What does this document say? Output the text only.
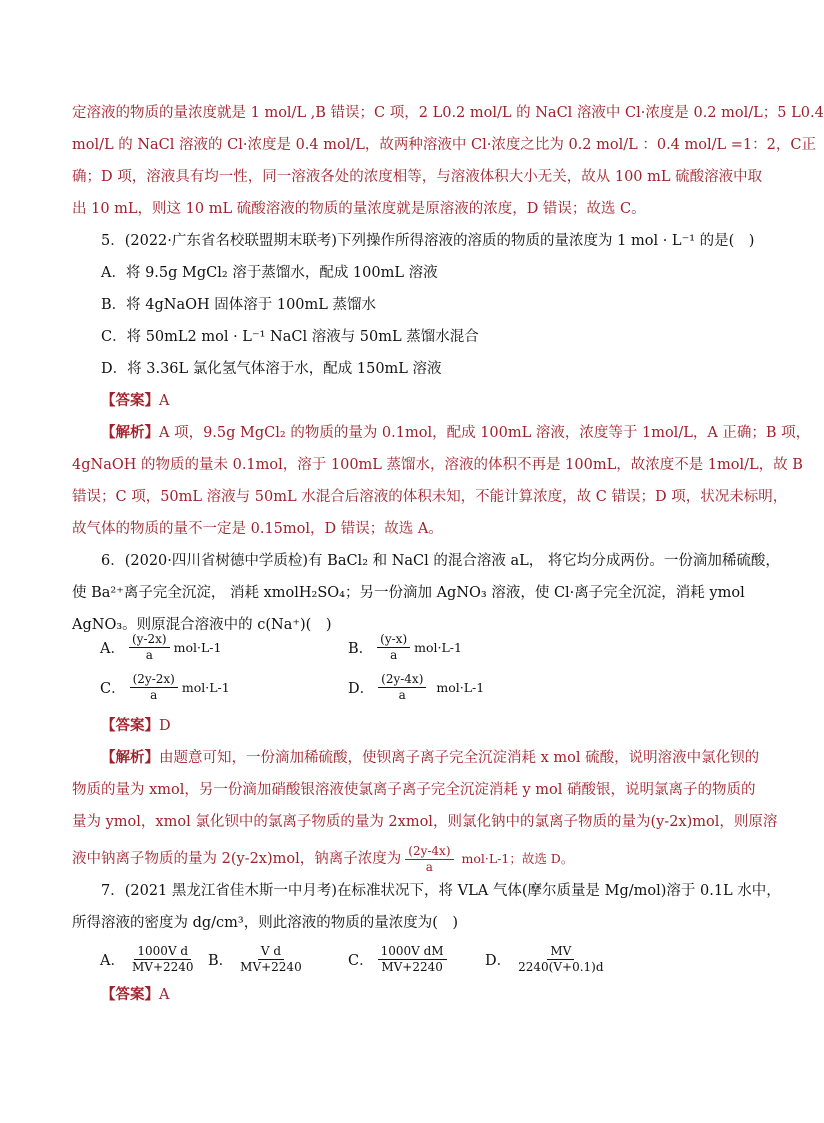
定溶液的物质的量浓度就是 1 mol/L ,B 错误；C 项，2 L0.2 mol/L 的 NaCl 溶液中 Cl·浓度是 0.2 mol/L；5 L0.4
mol/L 的 NaCl 溶液的 Cl·浓度是 0.4 mol/L，故两种溶液中 Cl·浓度之比为 0.2 mol/L ：0.4 mol/L =1：2，C正
确；D 项，溶液具有均一性，同一溶液各处的浓度相等，与溶液体积大小无关，故从 100 mL 硫酸溶液中取
出 10 mL，则这 10 mL 硫酸溶液的物质的量浓度就是原溶液的浓度，D 错误；故选 C。
5．(2022·广东省名校联盟期末联考)下列操作所得溶液的溶质的物质的量浓度为 1 mol · L⁻¹ 的是(　)
A．将 9.5g MgCl₂ 溶于蒸馏水，配成 100mL 溶液
B．将 4gNaOH 固体溶于 100mL 蒸馏水
C．将 50mL2 mol · L⁻¹ NaCl 溶液与 50mL 蒸馏水混合
D．将 3.36L 氯化氢气体溶于水，配成 150mL 溶液
【答案】A
【解析】A 项，9.5g MgCl₂ 的物质的量为 0.1mol，配成 100mL 溶液，浓度等于 1mol/L，A 正确；B 项，
4gNaOH 的物质的量未 0.1mol，溶于 100mL 蒸馏水，溶液的体积不再是 100mL，故浓度不是 1mol/L，故 B
错误；C 项，50mL 溶液与 50mL 水混合后溶液的体积未知，不能计算浓度，故 C 错误；D 项，状况未标明，
故气体的物质的量不一定是 0.15mol，D 错误；故选 A。
6．(2020·四川省树德中学质检)有 BaCl₂ 和 NaCl 的混合溶液 aL， 将它均分成两份。一份滴加稀硫酸，
使 Ba²⁺离子完全沉淀， 消耗 xmolH₂SO₄；另一份滴加 AgNO₃ 溶液，使 Cl·离子完全沉淀，消耗 ymol
AgNO₃。则原混合溶液中的 c(Na⁺)(　)
A． $\frac{(y-2x)}{a} mol\cdot L-1$	B． $\frac{(y-x)}{a} mol\cdot L-1$
C． $\frac{(2y-2x)}{a} mol\cdot L-1$	D． $\frac{(2y-4x)}{a} mol\cdot L-1$
【答案】D
【解析】由题意可知，一份滴加稀硫酸，使钡离子离子完全沉淀消耗 x mol 硫酸，说明溶液中氯化钡的
物质的量为 xmol，另一份滴加硝酸银溶液使氯离子离子完全沉淀消耗 y mol 硝酸银，说明氯离子的物质的
量为 ymol，xmol 氯化钡中的氯离子物质的量为 2xmol，则氯化钠中的氯离子物质的量为(y-2x)mol，则原溶
液中钠离子物质的量为 2(y-2x)mol，钠离子浓度为 $\frac{(2y-4x)}{a} mol\cdot L-1$；故选 D。
7．(2021 黑龙江省佳木斯一中月考)在标准状况下，将 VLA 气体(摩尔质量是 Mg/mol)溶于 0.1L 水中，
所得溶液的密度为 dg/cm³，则此溶液的物质的量浓度为(　)
A． $\frac{\text{1000V d}}{MV+2240}$ B． $\frac{\text{V d}}{MV+2240}$	C． $\frac{\text{1000V dM}}{MV+2240}$	D． $\frac{MV}{2240(V+0.1)d}$
【答案】A
